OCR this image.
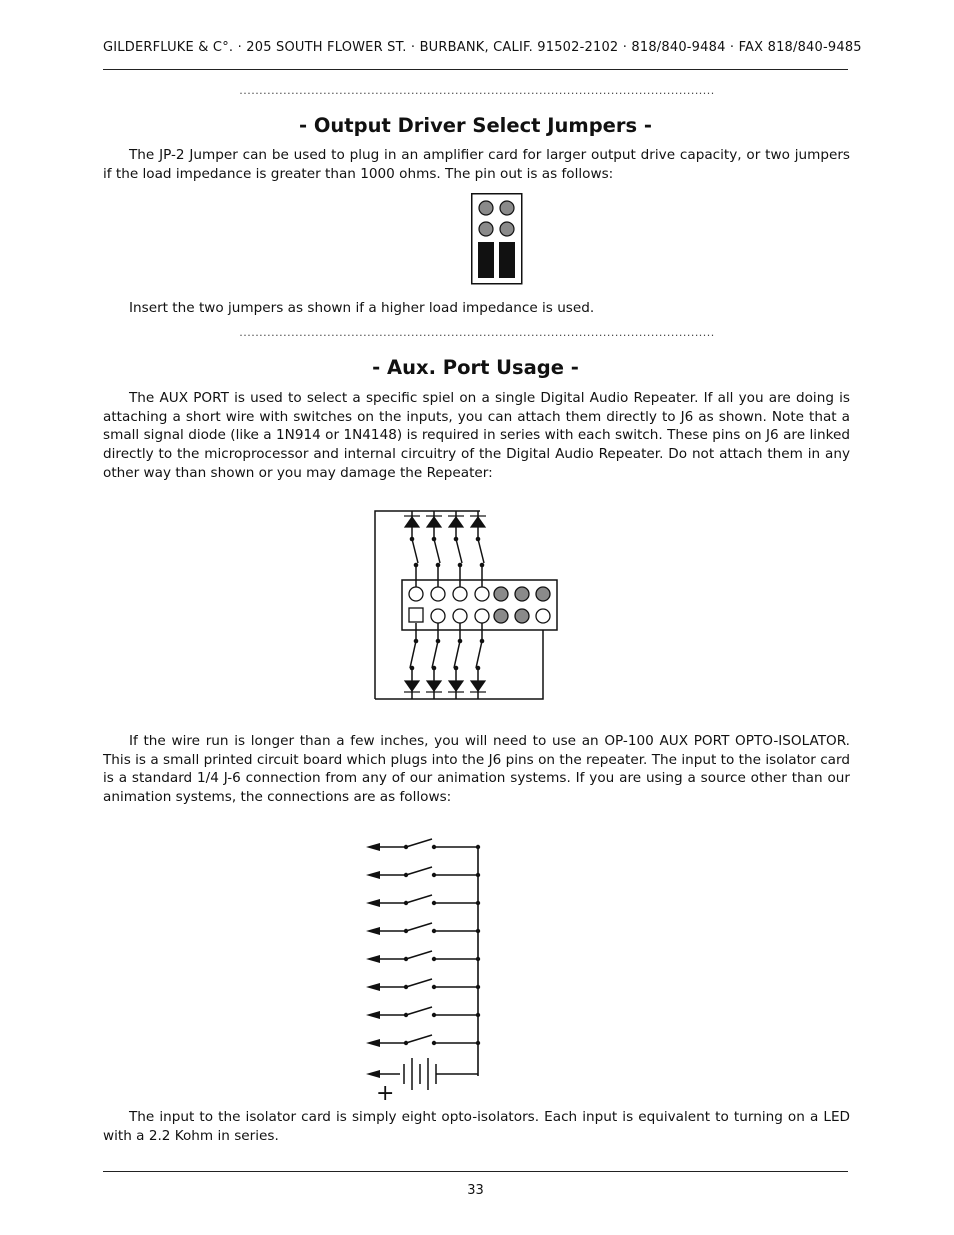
GILDERFLUKE & C°. · 205 SOUTH FLOWER ST. · BURBANK, CALIF. 91502-2102 · 818/840-9484 · FAX 818/840-9485
.......................................................................................................................
- Output Driver Select Jumpers -
The JP-2 Jumper can be used to plug in an amplifier card for larger output drive capacity, or two jumpers if the load impedance is greater than 1000 ohms. The pin out is as follows:
Insert the two jumpers as shown if a higher load impedance is used.
.......................................................................................................................
- Aux. Port Usage -
The AUX PORT is used to select a specific spiel on a single Digital Audio Repeater. If all you are doing is attaching a short wire with switches on the inputs, you can attach them directly to J6 as shown. Note that a small signal diode (like a 1N914 or 1N4148) is required in series with each switch. These pins on J6 are linked directly to the microprocessor and internal circuitry of the Digital Audio Repeater. Do not attach them in any other way than shown or you may damage the Repeater:
If the wire run is longer than a few inches, you will need to use an OP-100 AUX PORT OPTO-ISOLATOR. This is a small printed circuit board which plugs into the J6 pins on the repeater. The input to the isolator card is a standard 1/4 J-6 connection from any of our animation systems. If you are using a source other than our animation systems, the connections are as follows:
+
The input to the isolator card is simply eight opto-isolators. Each input is equivalent to turning on a LED with a 2.2 Kohm in series.
33
